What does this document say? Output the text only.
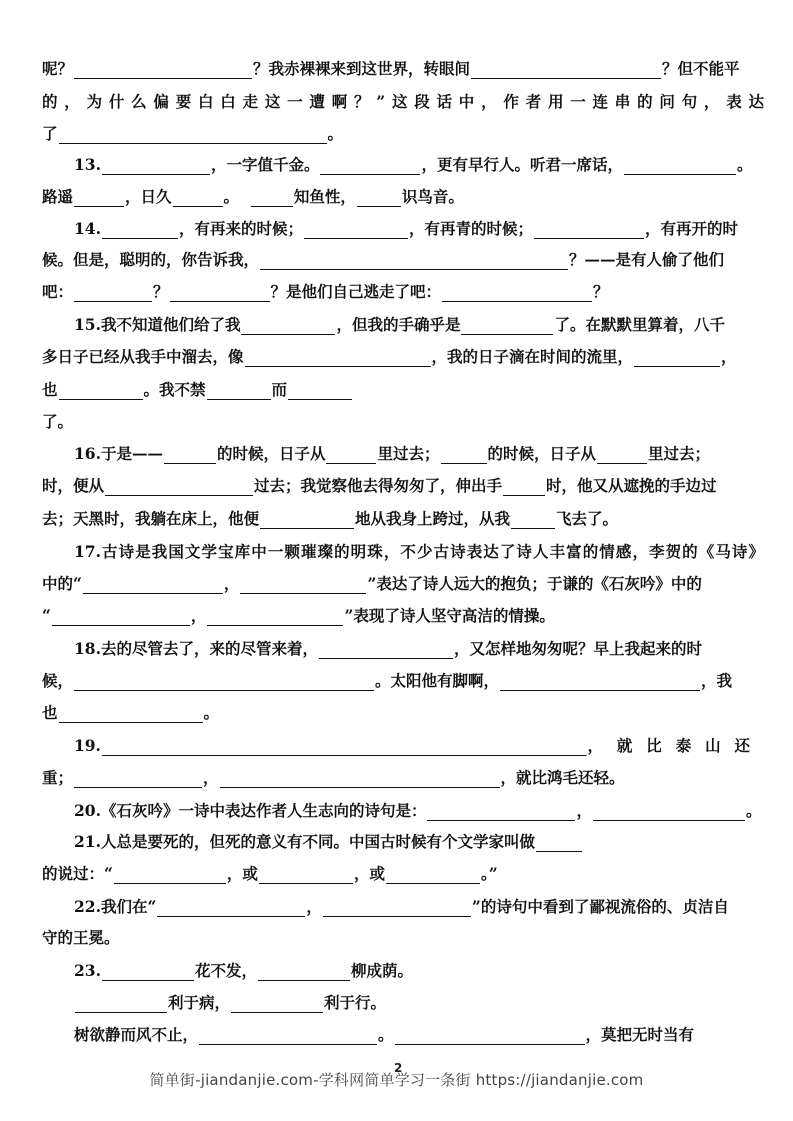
呢？	？我赤裸裸来到这世界，转眼间	？但不能平
的，为什么偏要白白走这一遭啊？”这段话中，作者用一连串的问句，表达
了	。
13.	，一字值千金。	，更有早行人。听君一席话，	。
路遥	，日久	。	知鱼性，	识鸟音。
14.	，有再来的时候；	，有再青的时候；	，有再开的时
候。但是，聪明的，你告诉我，	？——是有人偷了他们
吧：	？	？是他们自己逃走了吧：	？
15.我不知道他们给了我	，但我的手确乎是	了。在默默里算着，八千
多日子已经从我手中溜去，像	，我的日子滴在时间的流里，	，
也	。我不禁	而
了。
16.于是——	的时候，日子从	里过去；	的时候，日子从	里过去；
时，便从	过去；我觉察他去得匆匆了，伸出手	时，他又从遮挽的手边过
去；天黑时，我躺在床上，他便	地从我身上跨过，从我	飞去了。
17.古诗是我国文学宝库中一颗璀璨的明珠，不少古诗表达了诗人丰富的情感，李贺的《马诗》
中的“	，	”表达了诗人远大的抱负；于谦的《石灰吟》中的
“	，	”表现了诗人坚守高洁的情操。
18.去的尽管去了，来的尽管来着，	，又怎样地匆匆呢？早上我起来的时
候，	。太阳他有脚啊，	，我
也	。
19.	，就比泰山还
重；	，	，就比鸿毛还轻。
20.《石灰吟》一诗中表达作者人生志向的诗句是：	，	。
21.人总是要死的，但死的意义有不同。中国古时候有个文学家叫做
的说过：“	，或	，或	。”
22.我们在“	，	”的诗句中看到了鄙视流俗的、贞洁自
守的王冕。
23.	花不发，	柳成荫。
利于病，	利于行。
树欲静而风不止，	。	，莫把无时当有
2
简单街-jiandanjie.com-学科网简单学习一条街 https://jiandanjie.com
